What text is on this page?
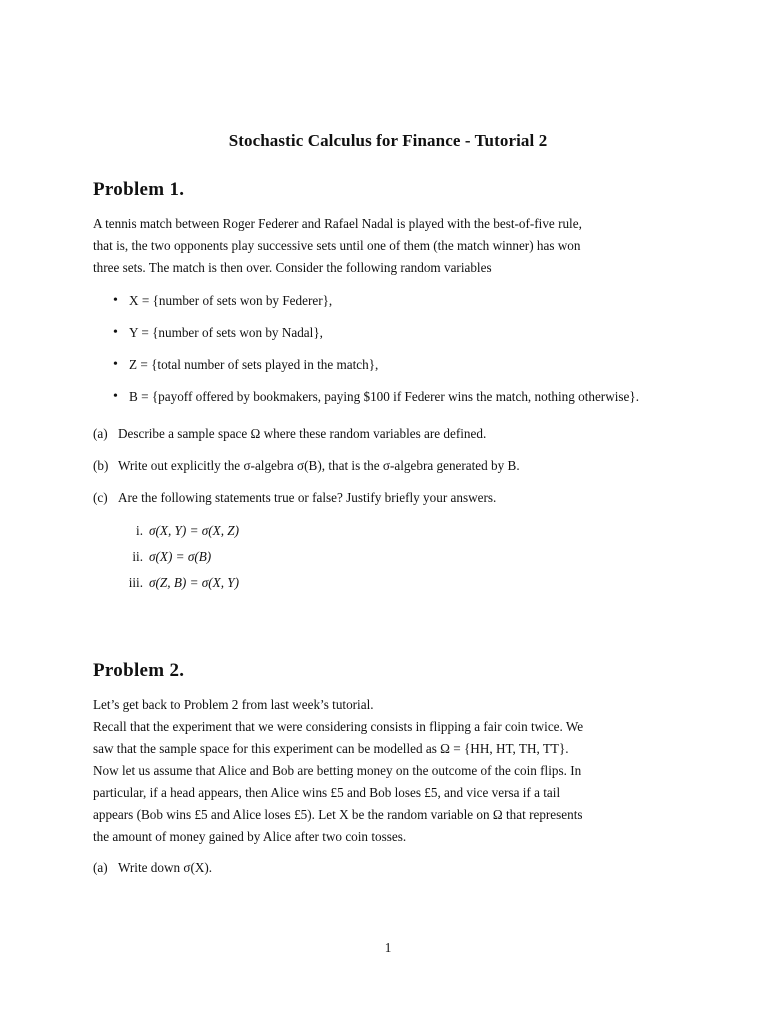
Stochastic Calculus for Finance - Tutorial 2
Problem 1.
A tennis match between Roger Federer and Rafael Nadal is played with the best-of-five rule,
that is, the two opponents play successive sets until one of them (the match winner) has won
three sets. The match is then over. Consider the following random variables
• X = {number of sets won by Federer},
• Y = {number of sets won by Nadal},
• Z = {total number of sets played in the match},
• B = {payoff offered by bookmakers, paying $100 if Federer wins the match, nothing otherwise}.
(a) Describe a sample space Ω where these random variables are defined.
(b) Write out explicitly the σ-algebra σ(B), that is the σ-algebra generated by B.
(c) Are the following statements true or false? Justify briefly your answers.
i. σ(X, Y) = σ(X, Z)
ii. σ(X) = σ(B)
iii. σ(Z, B) = σ(X, Y)
Problem 2.
Let’s get back to Problem 2 from last week’s tutorial.
Recall that the experiment that we were considering consists in flipping a fair coin twice. We
saw that the sample space for this experiment can be modelled as Ω = {HH, HT, TH, TT}.
Now let us assume that Alice and Bob are betting money on the outcome of the coin flips. In
particular, if a head appears, then Alice wins £5 and Bob loses £5, and vice versa if a tail
appears (Bob wins £5 and Alice loses £5). Let X be the random variable on Ω that represents
the amount of money gained by Alice after two coin tosses.
(a) Write down σ(X).
1
